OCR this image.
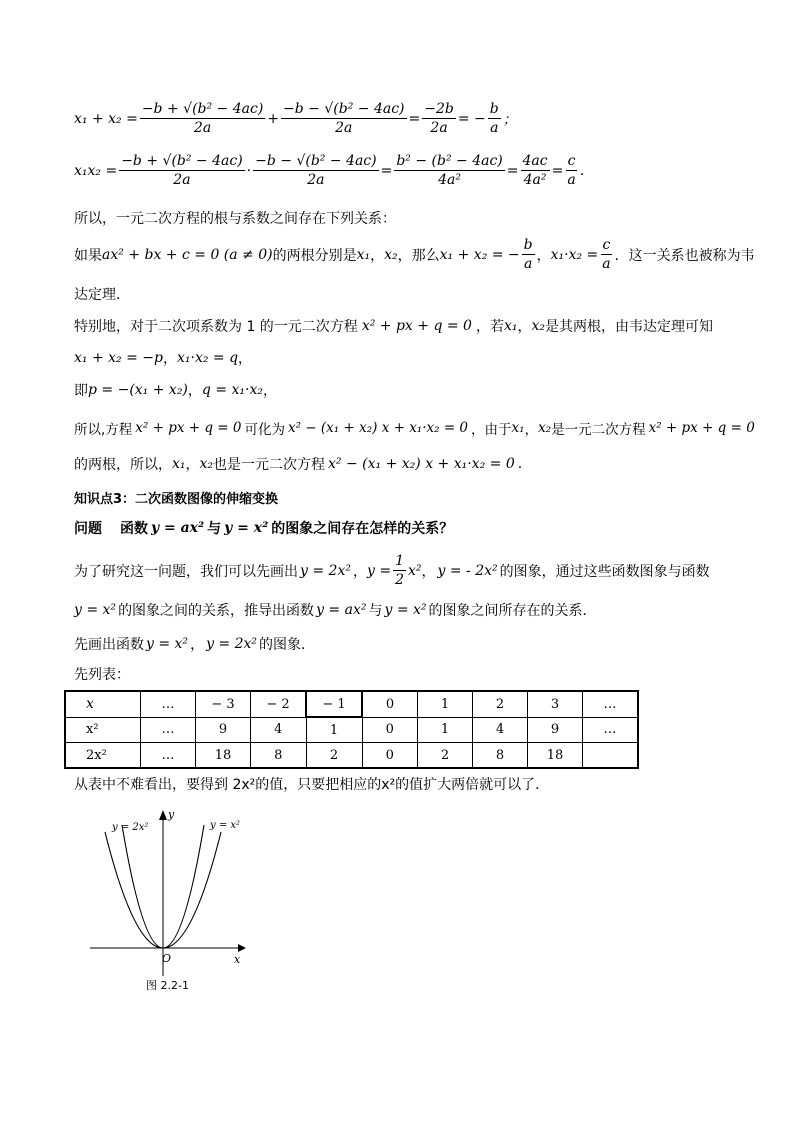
$x_1 + x_2 = \frac{\text{−b + √(b² − 4ac)}}{2a} + \frac{\text{−b − √(b² − 4ac)}}{2a} = \frac{-2b}{2a}$ = − $\frac{b}{a}$ ；
$x_1x_2 = \frac{\text{−b + √(b² − 4ac)}}{2a} \cdot \frac{\text{−b − √(b² − 4ac)}}{2a} = \frac{\text{b² − (b² − 4ac)}}{\text{4a²}} = \frac{4ac}{\text{4a²}} = \frac{c}{a}$ .
所以，一元二次方程的根与系数之间存在下列关系：
如果 ax² + bx + c = 0 (a ≠ 0) 的两根分别是 x₁ ， x₂ ，那么 x₁ + x₂ = − $\frac{b}{a}$ ， $x_1\cdot x_2 = \frac{c}{a}$ ．这一关系也被称为韦
达定理．
特别地，对于二次项系数为 1 的一元二次方程 x² + px + q = 0 ，若 x₁ ， x₂ 是其两根，由韦达定理可知
x₁ + x₂ = −p ， x₁·x₂ = q ，
即 p = −(x₁ + x₂) ， q = x₁·x₂ ，
所以,方程 x² + px + q = 0 可化为 x² − (x₁ + x₂) x + x₁·x₂ = 0 ，由于 x₁ ， x₂ 是一元二次方程 x² + px + q = 0
的两根，所以， x₁ ， x₂ 也是一元二次方程 x² − (x₁ + x₂) x + x₁·x₂ = 0 .
知识点3：二次函数图像的伸缩变换
问题 函数 y = ax² 与 y = x² 的图象之间存在怎样的关系？
为了研究这一问题，我们可以先画出 y = 2x² ， $y = \frac{1}{2} x^2$ ， y = - 2x² 的图象，通过这些函数图象与函数
y = x² 的图象之间的关系，推导出函数 y = ax² 与 y = x² 的图象之间所存在的关系．
先画出函数 y = x² ， y = 2x² 的图象．
先列表：
x	…	− 3	− 2	− 1	0	1	2	3	…
x²	…	9	4	1	0	1	4	9	…
2x²	…	18	8	2	0	2	8	18	
从表中不难看出，要得到 2x²的值，只要把相应的x²的值扩大两倍就可以了．
y = 2x²	y = x²
y
x
O
图 2.2-1
